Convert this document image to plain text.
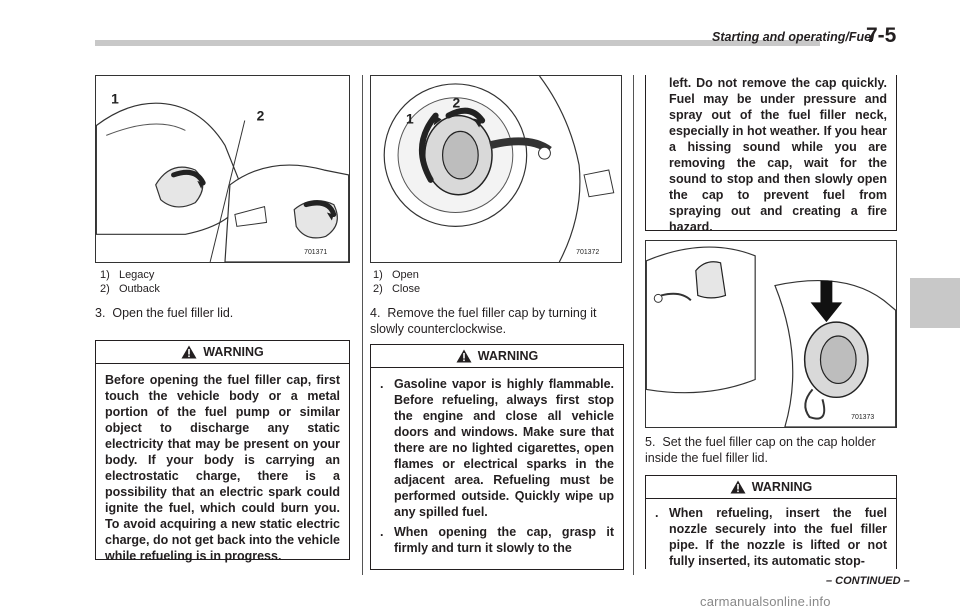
Starting and operating/Fuel
7-5
1
2
701371
1)   Legacy
2)   Outback
3.  Open the fuel filler lid.
WARNING

Before opening the fuel filler cap, first touch the vehicle body or a metal portion of the fuel pump or similar object to discharge any static electricity that may be present on your body. If your body is carrying an electrostatic charge, there is a possibility that an electric spark could ignite the fuel, which could burn you. To avoid acquiring a new static electric charge, do not get back into the vehicle while refueling is in progress.

1
2
701372
1)   Open
2)   Close
4.  Remove the fuel filler cap by turning it slowly counterclockwise.
WARNING
. Gasoline vapor is highly flammable. Before refueling, always first stop the engine and close all vehicle doors and windows. Make sure that there are no lighted cigarettes, open flames or electrical sparks in the adjacent area. Refueling must be performed outside. Quickly wipe up any spilled fuel.
. When opening the cap, grasp it firmly and turn it slowly to the

left. Do not remove the cap quickly. Fuel may be under pressure and spray out of the fuel filler neck, especially in hot weather. If you hear a hissing sound while you are removing the cap, wait for the sound to stop and then slowly open the cap to prevent fuel from spraying out and creating a fire hazard.

701373
5.  Set the fuel filler cap on the cap holder inside the fuel filler lid.
WARNING
. When refueling, insert the fuel nozzle securely into the fuel filler pipe. If the nozzle is lifted or not fully inserted, its automatic stop-
– CONTINUED –
carmanualsonline.info
